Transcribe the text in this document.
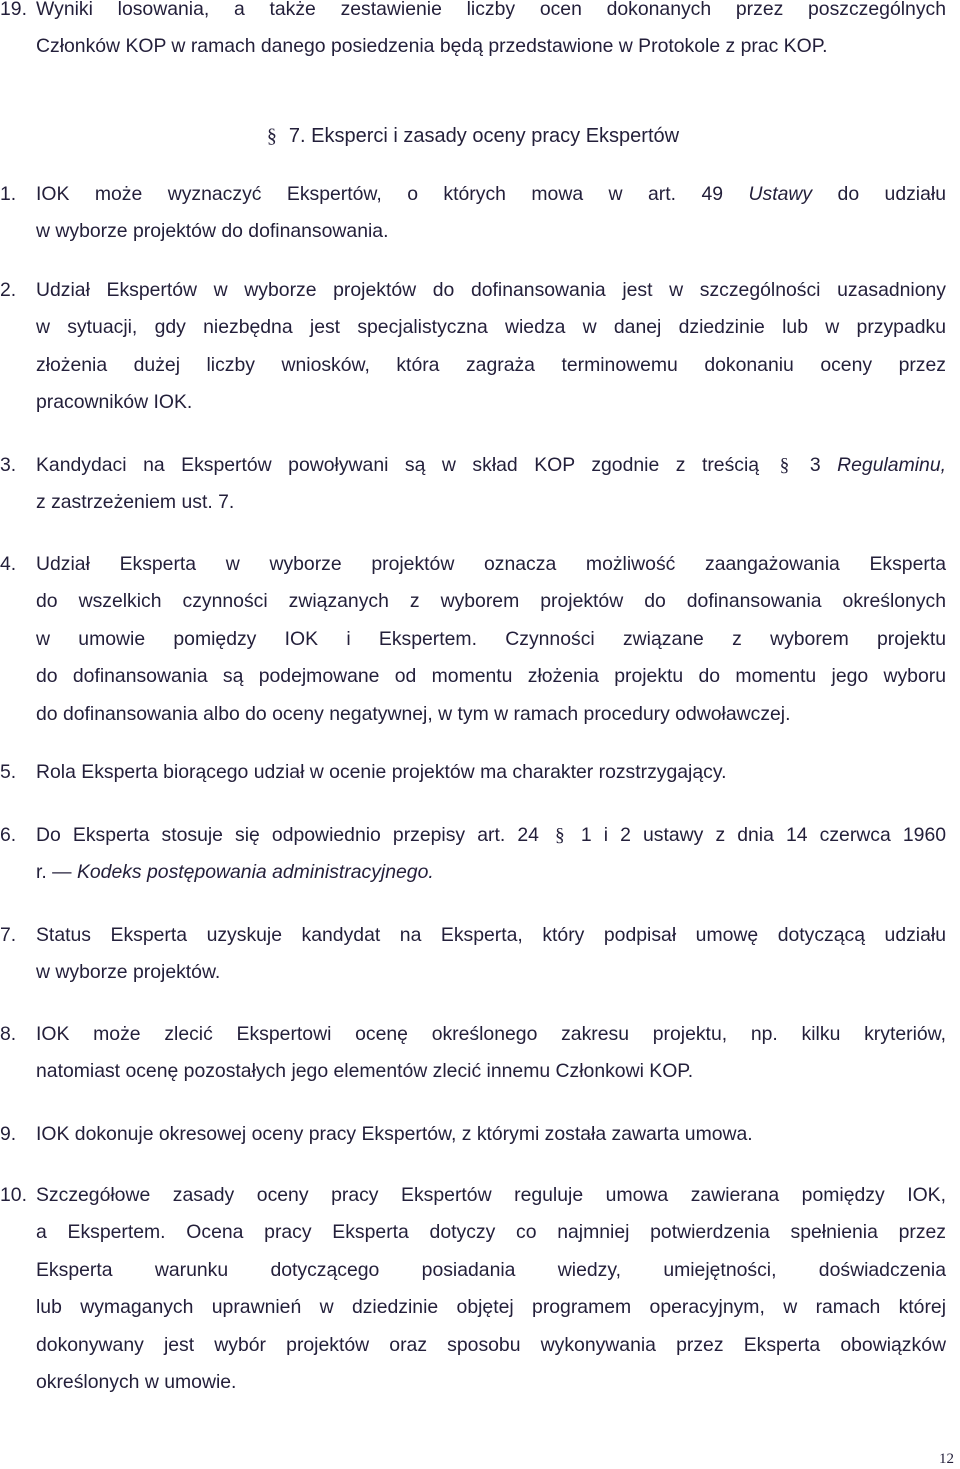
19. Wyniki losowania, a także zestawienie liczby ocen dokonanych przez poszczególnych
Członków KOP w ramach danego posiedzenia będą przedstawione w Protokole z prac KOP.
§ 7. Eksperci i zasady oceny pracy Ekspertów
1. IOK może wyznaczyć Ekspertów, o których mowa w art. 49 Ustawy do udziału
w wyborze projektów do dofinansowania.
2. Udział Ekspertów w wyborze projektów do dofinansowania jest w szczególności uzasadniony
w sytuacji, gdy niezbędna jest specjalistyczna wiedza w danej dziedzinie lub w przypadku
złożenia dużej liczby wniosków, która zagraża terminowemu dokonaniu oceny przez
pracowników IOK.
3. Kandydaci na Ekspertów powoływani są w skład KOP zgodnie z treścią § 3 Regulaminu,
z zastrzeżeniem ust. 7.
4. Udział Eksperta w wyborze projektów oznacza możliwość zaangażowania Eksperta
do wszelkich czynności związanych z wyborem projektów do dofinansowania określonych
w umowie pomiędzy IOK i Ekspertem. Czynności związane z wyborem projektu
do dofinansowania są podejmowane od momentu złożenia projektu do momentu jego wyboru
do dofinansowania albo do oceny negatywnej, w tym w ramach procedury odwoławczej.
5. Rola Eksperta biorącego udział w ocenie projektów ma charakter rozstrzygający.
6. Do Eksperta stosuje się odpowiednio przepisy art. 24 § 1 i 2 ustawy z dnia 14 czerwca 1960
r. — Kodeks postępowania administracyjnego.
7. Status Eksperta uzyskuje kandydat na Eksperta, który podpisał umowę dotyczącą udziału
w wyborze projektów.
8. IOK może zlecić Ekspertowi ocenę określonego zakresu projektu, np. kilku kryteriów,
natomiast ocenę pozostałych jego elementów zlecić innemu Członkowi KOP.
9. IOK dokonuje okresowej oceny pracy Ekspertów, z którymi została zawarta umowa.
10. Szczegółowe zasady oceny pracy Ekspertów reguluje umowa zawierana pomiędzy IOK,
a Ekspertem. Ocena pracy Eksperta dotyczy co najmniej potwierdzenia spełnienia przez
Eksperta warunku dotyczącego posiadania wiedzy, umiejętności, doświadczenia
lub wymaganych uprawnień w dziedzinie objętej programem operacyjnym, w ramach której
dokonywany jest wybór projektów oraz sposobu wykonywania przez Eksperta obowiązków
określonych w umowie.
12
